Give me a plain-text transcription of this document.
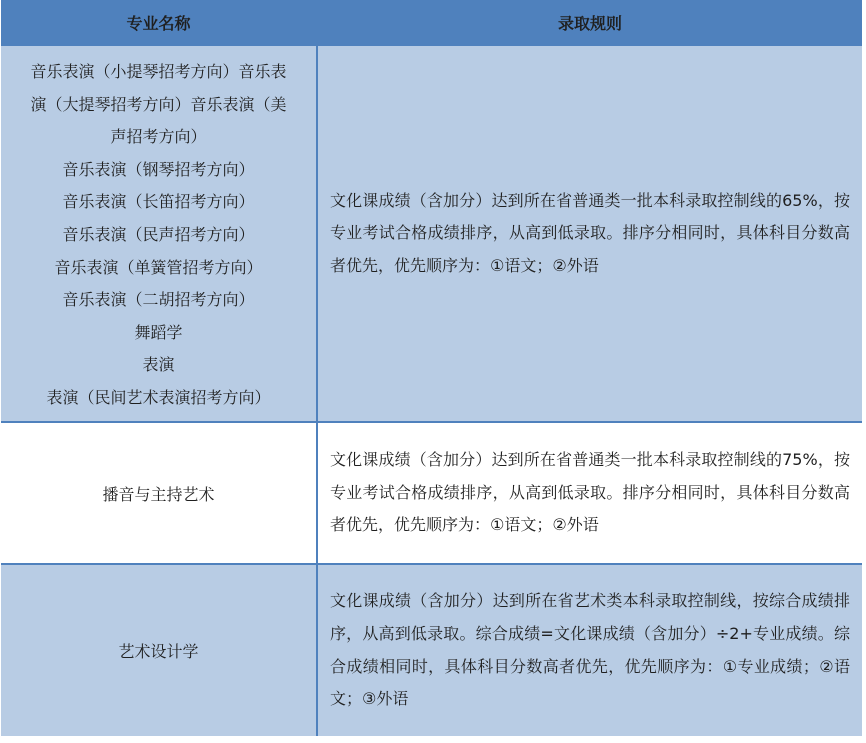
专业名称	录取规则
音乐表演（小提琴招考方向）音乐表
演（大提琴招考方向）音乐表演（美
声招考方向）
音乐表演（钢琴招考方向）
音乐表演（长笛招考方向）
音乐表演（民声招考方向）
音乐表演（单簧管招考方向）
音乐表演（二胡招考方向）
舞蹈学
表演
表演（民间艺术表演招考方向）
文化课成绩（含加分）达到所在省普通类一批本科录取控制线的65%，按专业考试合格成绩排序，从高到低录取。排序分相同时，具体科目分数高者优先，优先顺序为：①语文；②外语
播音与主持艺术
文化课成绩（含加分）达到所在省普通类一批本科录取控制线的75%，按专业考试合格成绩排序，从高到低录取。排序分相同时，具体科目分数高者优先，优先顺序为：①语文；②外语
艺术设计学
文化课成绩（含加分）达到所在省艺术类本科录取控制线，按综合成绩排序，从高到低录取。综合成绩=文化课成绩（含加分）÷2+专业成绩。综合成绩相同时，具体科目分数高者优先，优先顺序为：①专业成绩；②语文；③外语
